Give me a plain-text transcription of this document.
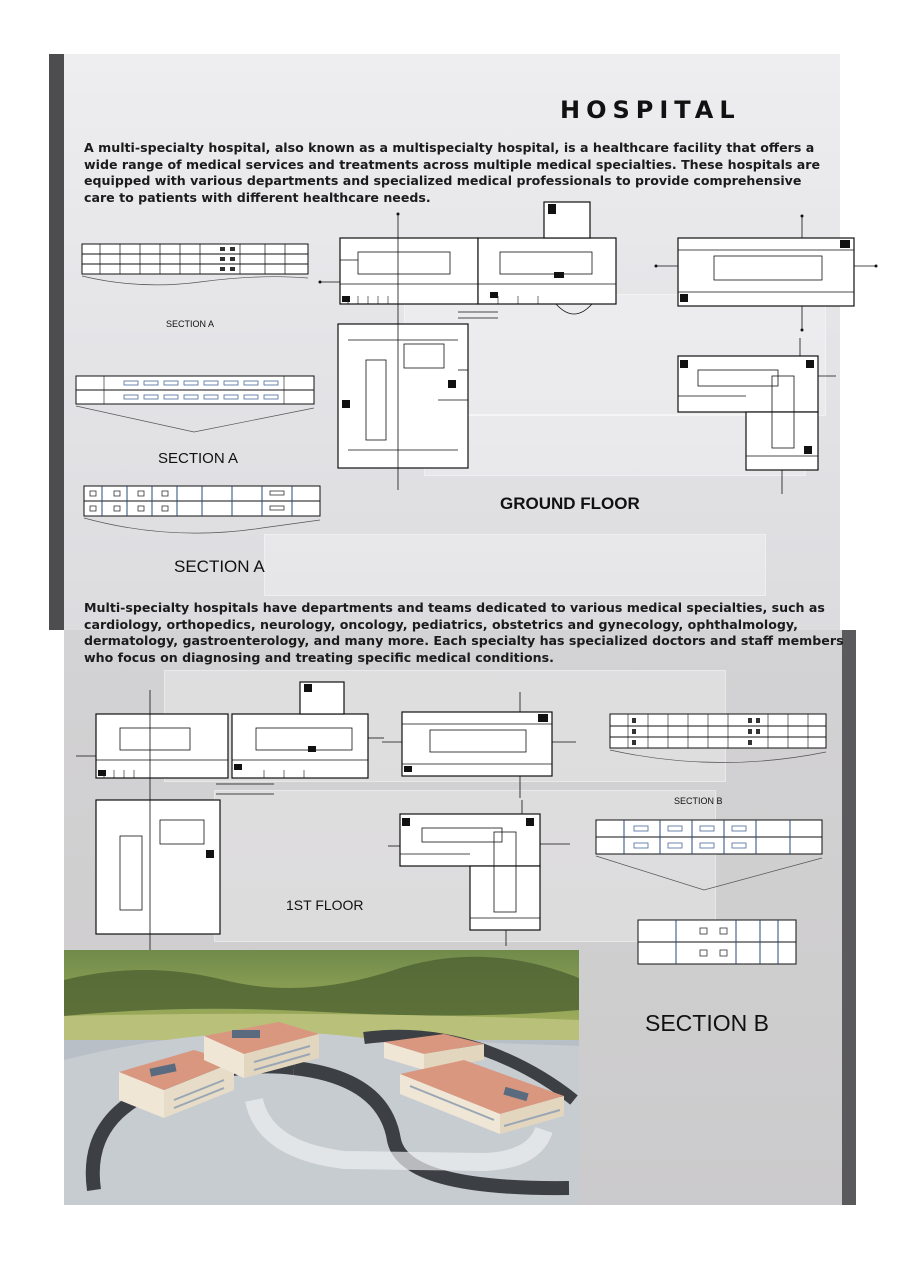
HOSPITAL
A multi-specialty hospital, also known as a multispecialty hospital, is a healthcare facility that offers a wide range of medical services and treatments across multiple medical specialties. These hospitals are equipped with various departments and specialized medical professionals to provide comprehensive care to patients with different healthcare needs.
SECTION A
SECTION A
SECTION A
GROUND FLOOR
Multi-specialty hospitals have departments and teams dedicated to various medical specialties, such as cardiology, orthopedics, neurology, oncology, pediatrics, obstetrics and gynecology, ophthalmology, dermatology, gastroenterology, and many more. Each specialty has specialized doctors and staff members who focus on diagnosing and treating specific medical conditions.
1ST FLOOR
SECTION B
SECTION B
